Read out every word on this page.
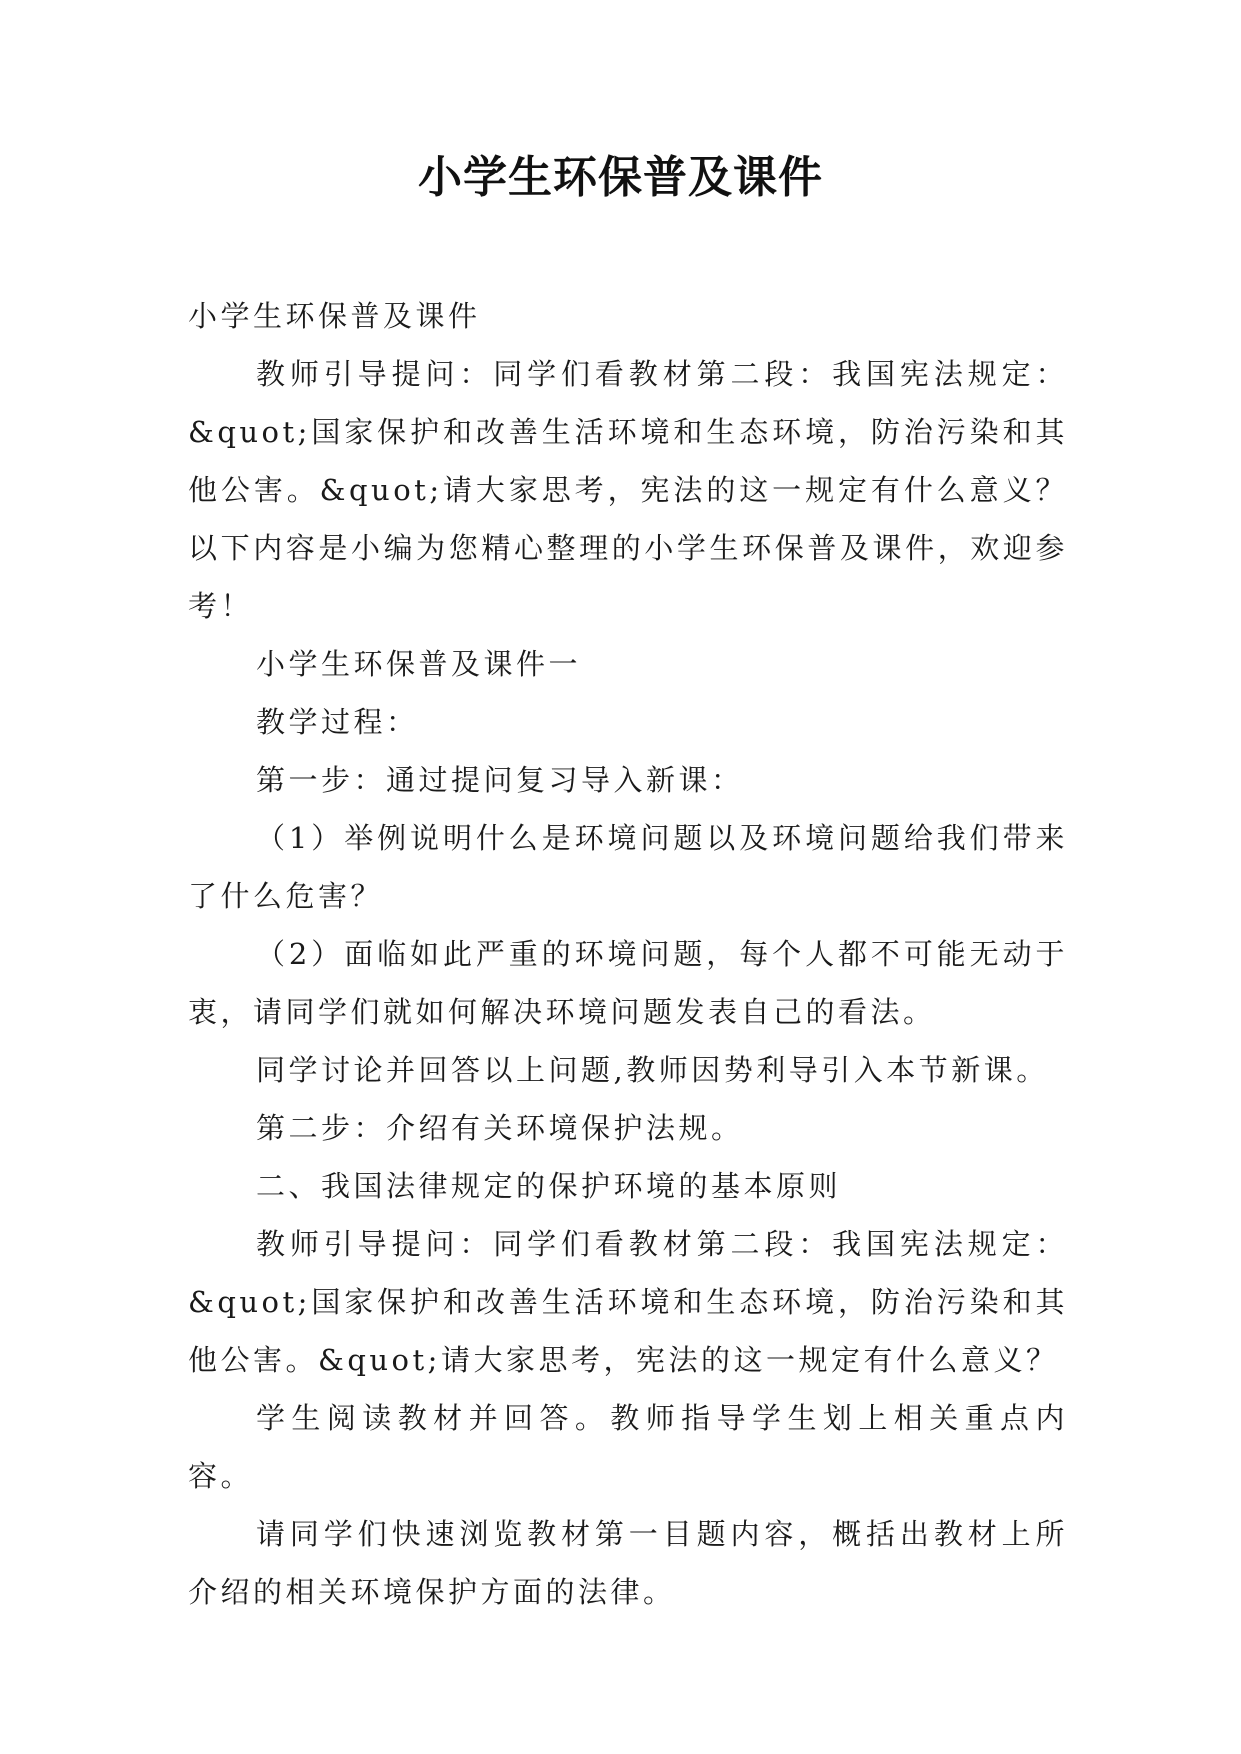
小学生环保普及课件

小学生环保普及课件

教师引导提问：同学们看教材第二段：我国宪法规定：&quot;国家保护和改善生活环境和生态环境，防治污染和其他公害。&quot;请大家思考，宪法的这一规定有什么意义？以下内容是小编为您精心整理的小学生环保普及课件，欢迎参考！

小学生环保普及课件一

教学过程：

第一步：通过提问复习导入新课：

（1）举例说明什么是环境问题以及环境问题给我们带来了什么危害？

（2）面临如此严重的环境问题，每个人都不可能无动于衷，请同学们就如何解决环境问题发表自己的看法。

同学讨论并回答以上问题,教师因势利导引入本节新课。

第二步：介绍有关环境保护法规。

二、我国法律规定的保护环境的基本原则

教师引导提问：同学们看教材第二段：我国宪法规定：&quot;国家保护和改善生活环境和生态环境，防治污染和其他公害。&quot;请大家思考，宪法的这一规定有什么意义？

学生阅读教材并回答。教师指导学生划上相关重点内容。

请同学们快速浏览教材第一目题内容，概括出教材上所介绍的相关环境保护方面的法律。
